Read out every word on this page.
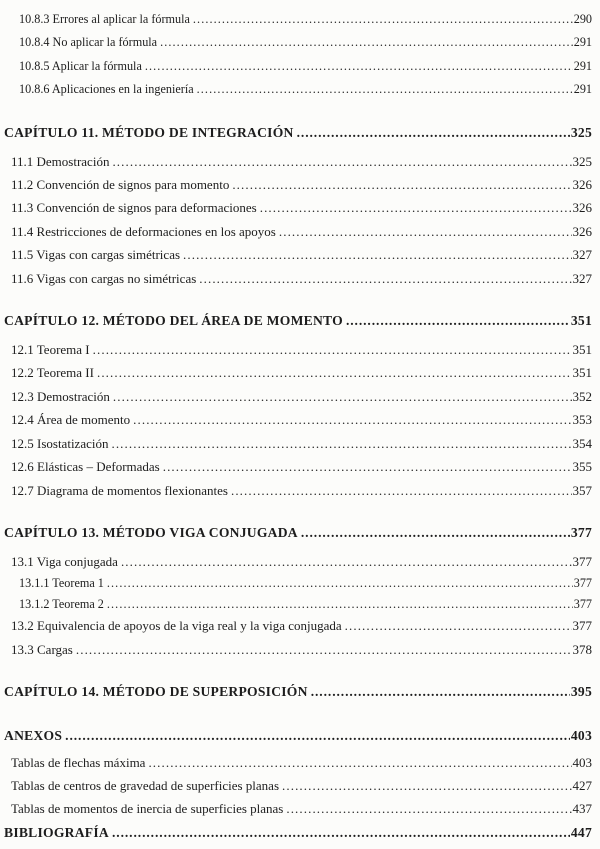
10.8.3 Errores al aplicar la fórmula .....	290
10.8.4 No aplicar la fórmula .....	291
10.8.5 Aplicar la fórmula .....	291
10.8.6 Aplicaciones en la ingeniería .....	291
CAPÍTULO 11. MÉTODO DE INTEGRACIÓN .....	325
11.1 Demostración .....	325
11.2 Convención de signos para momento .....	326
11.3 Convención de signos para deformaciones .....	326
11.4 Restricciones de deformaciones en los apoyos .....	326
11.5 Vigas con cargas simétricas .....	327
11.6 Vigas con cargas no simétricas .....	327
CAPÍTULO 12. MÉTODO DEL ÁREA DE MOMENTO .....	351
12.1 Teorema I .....	351
12.2 Teorema II .....	351
12.3 Demostración .....	352
12.4 Área de momento .....	353
12.5 Isostatización .....	354
12.6 Elásticas – Deformadas .....	355
12.7 Diagrama de momentos flexionantes .....	357
CAPÍTULO 13. MÉTODO VIGA CONJUGADA .....	377
13.1 Viga conjugada .....	377
13.1.1 Teorema 1 .....	377
13.1.2 Teorema 2 .....	377
13.2 Equivalencia de apoyos de la viga real y la viga conjugada .....	377
13.3 Cargas .....	378
CAPÍTULO 14. MÉTODO DE SUPERPOSICIÓN .....	395
ANEXOS .....	403
Tablas de flechas máxima .....	403
Tablas de centros de gravedad de superficies planas .....	427
Tablas de momentos de inercia de superficies planas .....	437
BIBLIOGRAFÍA .....	447
